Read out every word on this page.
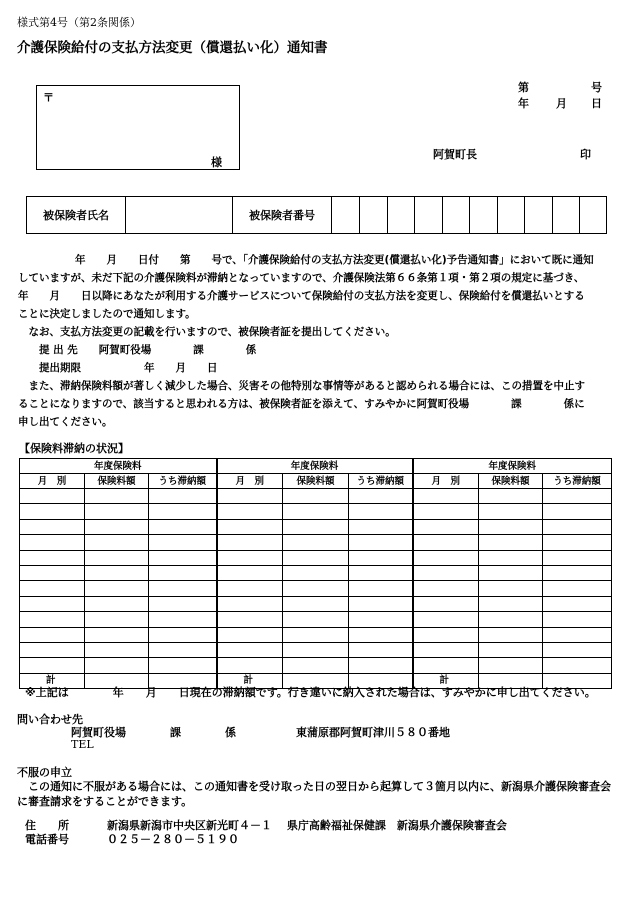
様式第4号（第2条関係）
介護保険給付の支払方法変更（償還払い化）通知書
第	号
年 月 日
〒
様
阿賀町長	印
被保険者氏名		被保険者番号										
　　年　　月　　日付　　第　　号で、「介護保険給付の支払方法変更(償還払い化)予告通知書」において既に通知
していますが、未だ下記の介護保険料が滞納となっていますので、介護保険法第６６条第１項・第２項の規定に基づき、
年　　月　　日以降にあなたが利用する介護サービスについて保険給付の支払方法を変更し、保険給付を償還払いとする
ことに決定しましたので通知します。
　なお、支払方法変更の記載を行いますので、被保険者証を提出してください。
　　提 出 先　　阿賀町役場　　　　課　　　　係
　　提出期限　　　　　　年　　月　　日
　また、滞納保険料額が著しく減少した場合、災害その他特別な事情等があると認められる場合には、この措置を中止す
ることになりますので、該当すると思われる方は、被保険者証を添えて、すみやかに阿賀町役場　　　　課　　　　係に
申し出てください。
【保険料滞納の状況】
年度保険料			年度保険料			年度保険料		
月　別	保険料額	うち滞納額	月　別	保険料額	うち滞納額	月　別	保険料額	うち滞納額

計			計			計		
※上記は　　　　年　　月　　日現在の滞納額です。行き違いに納入された場合は、すみやかに申し出てください。
問い合わせ先
阿賀町役場　　　　課　　　　係	東蒲原郡阿賀町津川５８０番地
TEL
不服の申立
　この通知に不服がある場合には、この通知書を受け取った日の翌日から起算して３箇月以内に、新潟県介護保険審査会
に審査請求をすることができます。
住　　所	新潟県新潟市中央区新光町４－１　 県庁高齢福祉保健課　新潟県介護保険審査会
電話番号	０２５－２８０－５１９０
